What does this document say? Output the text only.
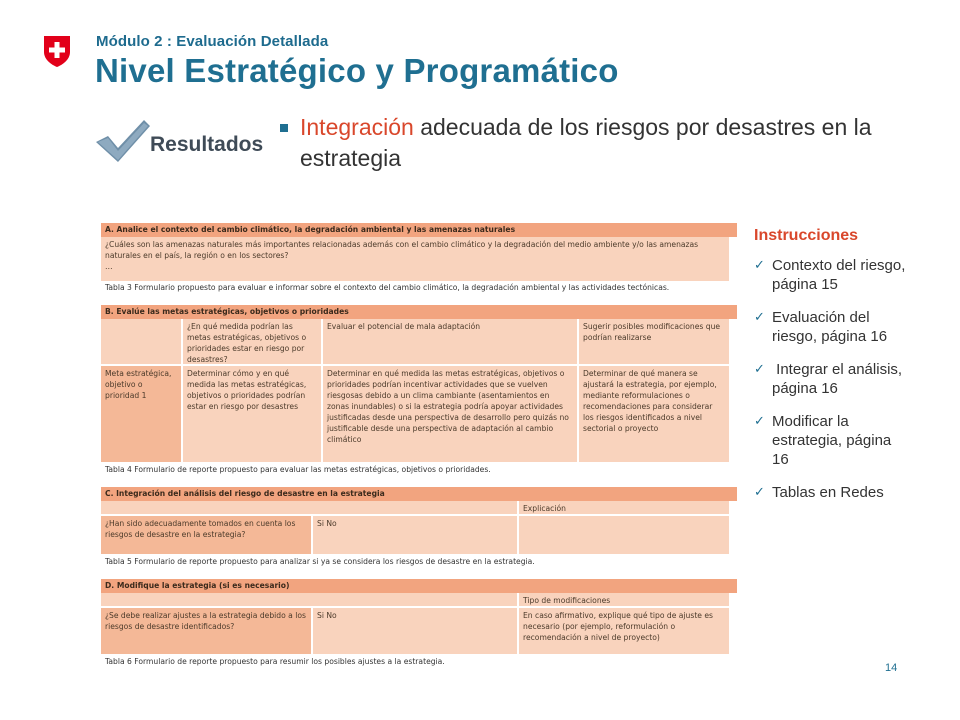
Módulo 2 : Evaluación Detallada
Nivel Estratégico y Programático
Resultados
Integración adecuada de los riesgos por desastres en la estrategia
A. Analice el contexto del cambio climático, la degradación ambiental y las amenazas naturales
¿Cuáles son las amenazas naturales más importantes relacionadas además con el cambio climático y la degradación del medio ambiente y/o las amenazas naturales en el país, la región o en los sectores?
…
Tabla 3 Formulario propuesto para evaluar e informar sobre el contexto del cambio climático, la degradación ambiental y las actividades tectónicas.
B. Evalúe las metas estratégicas, objetivos o prioridades
¿En qué medida podrían las metas estratégicas, objetivos o prioridades estar en riesgo por desastres?
Evaluar el potencial de mala adaptación	Sugerir posibles modificaciones que podrían realizarse
Meta estratégica, objetivo o prioridad 1
Determinar cómo y en qué medida las metas estratégicas, objetivos o prioridades podrían estar en riesgo por desastres
Determinar en qué medida las metas estratégicas, objetivos o prioridades podrían incentivar actividades que se vuelven riesgosas debido a un clima cambiante (asentamientos en zonas inundables) o si la estrategia podría apoyar actividades justificadas desde una perspectiva de desarrollo pero quizás no justificable desde una perspectiva de adaptación al cambio climático
Determinar de qué manera se ajustará la estrategia, por ejemplo, mediante reformulaciones o recomendaciones para considerar los riesgos identificados a nivel sectorial o proyecto
Tabla 4 Formulario de reporte propuesto para evaluar las metas estratégicas, objetivos o prioridades.
C. Integración del análisis del riesgo de desastre en la estrategia
Explicación
¿Han sido adecuadamente tomados en cuenta los riesgos de desastre en la estrategia?
Si No
Tabla 5 Formulario de reporte propuesto para analizar si ya se considera los riesgos de desastre en la estrategia.
D. Modifique la estrategia (si es necesario)
Tipo de modificaciones
¿Se debe realizar ajustes a la estrategia debido a los riesgos de desastre identificados?
Si No	En caso afirmativo, explique qué tipo de ajuste es necesario (por ejemplo, reformulación o recomendación a nivel de proyecto)
Tabla 6 Formulario de reporte propuesto para resumir los posibles ajustes a la estrategia.
Instrucciones
✓ Contexto del riesgo, página 15
✓ Evaluación del riesgo, página 16
✓ Integrar el análisis, página 16
✓ Modificar la estrategia, página 16
✓ Tablas en Redes
14
